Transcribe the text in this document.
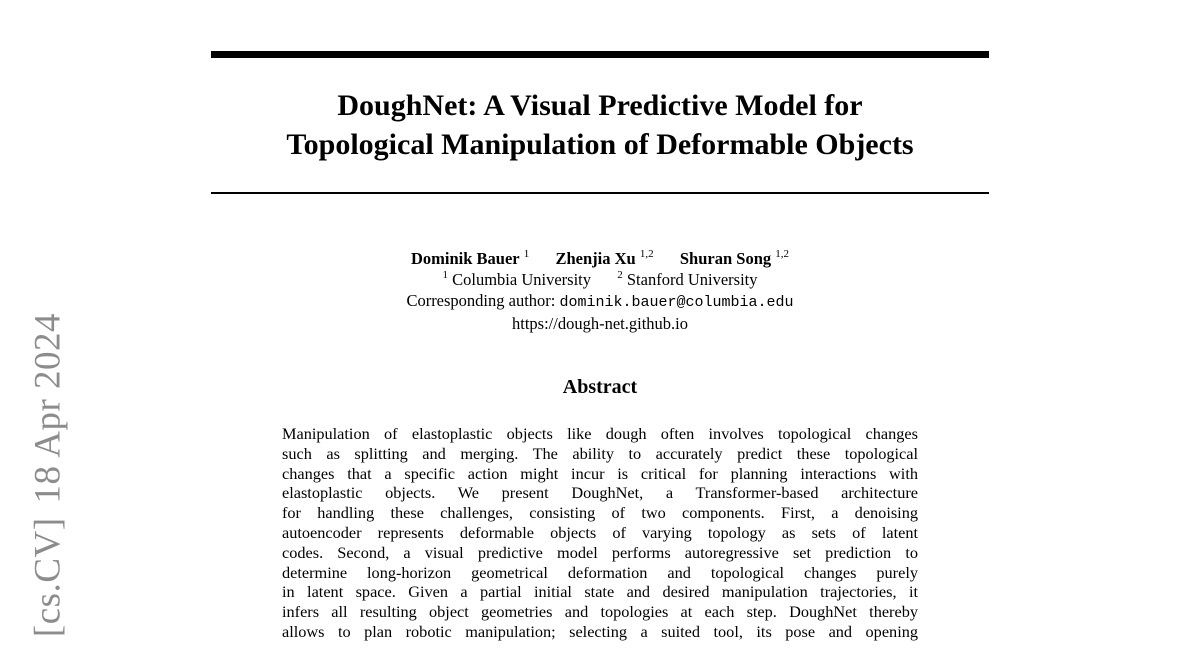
[cs.CV]18 Apr 2024
DoughNet: A Visual Predictive Model for
Topological Manipulation of Deformable Objects
Dominik Bauer $^1$ Zhenjia Xu $^{1,2}$ Shuran Song $^{1,2}$
$^1$ Columbia University $^2$ Stanford University
Corresponding author: dominik.bauer@columbia.edu
https://dough-net.github.io
Abstract
Manipulation of elastoplastic objects like dough often involves topological changes
such as splitting and merging. The ability to accurately predict these topological
changes that a specific action might incur is critical for planning interactions with
elastoplastic objects. We present DoughNet, a Transformer-based architecture
for handling these challenges, consisting of two components. First, a denoising
autoencoder represents deformable objects of varying topology as sets of latent
codes. Second, a visual predictive model performs autoregressive set prediction to
determine long-horizon geometrical deformation and topological changes purely
in latent space. Given a partial initial state and desired manipulation trajectories, it
infers all resulting object geometries and topologies at each step. DoughNet thereby
allows to plan robotic manipulation; selecting a suited tool, its pose and opening
